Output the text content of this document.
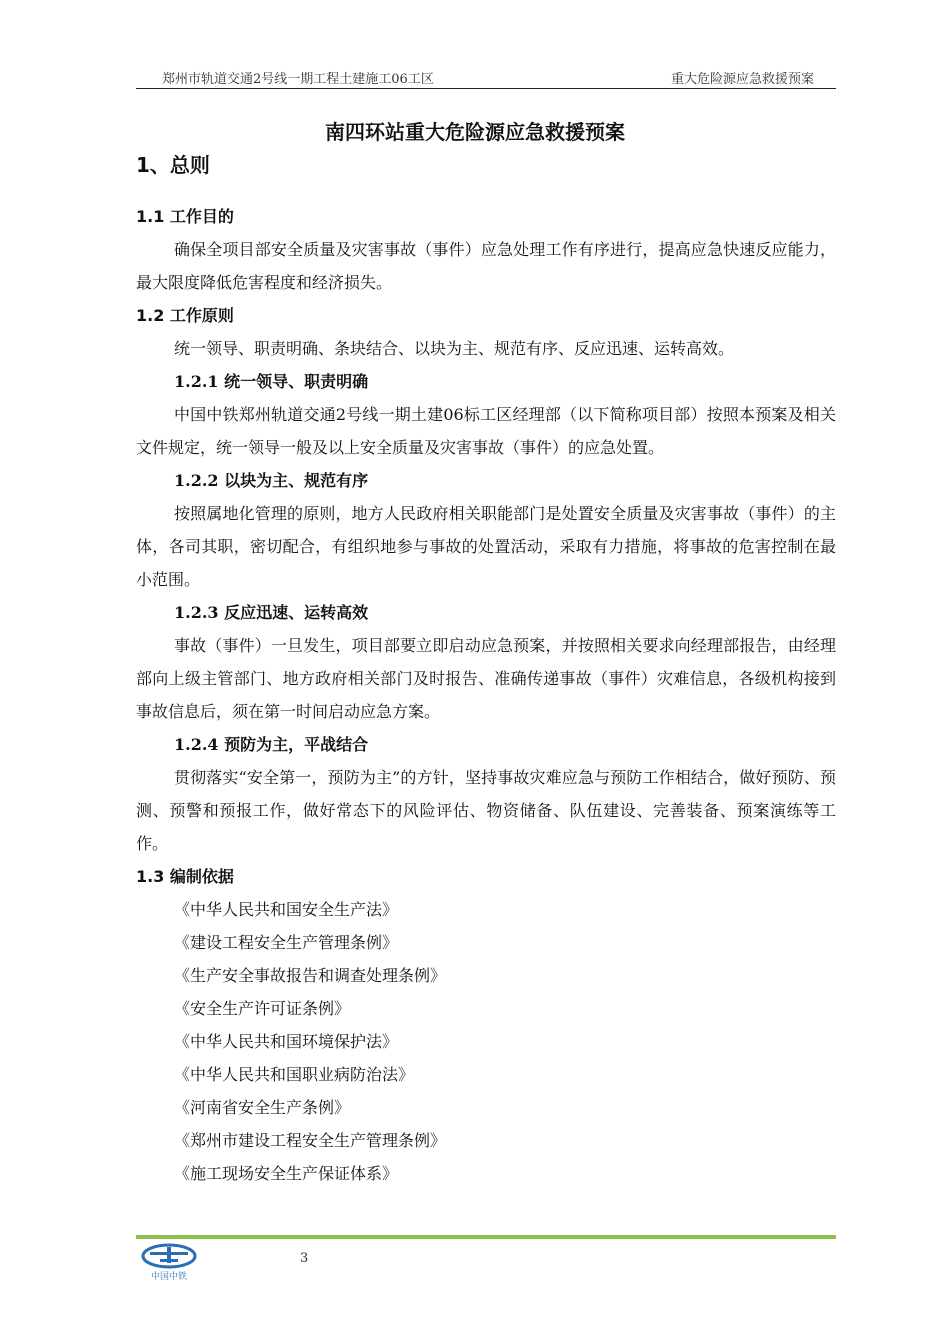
郑州市轨道交通2号线一期工程土建施工06工区	重大危险源应急救援预案
南四环站重大危险源应急救援预案

1、总则

1.1 工作目的

确保全项目部安全质量及灾害事故（事件）应急处理工作有序进行，提高应急快速反应能力，最大限度降低危害程度和经济损失。

1.2 工作原则

统一领导、职责明确、条块结合、以块为主、规范有序、反应迅速、运转高效。

1.2.1 统一领导、职责明确

中国中铁郑州轨道交通2号线一期土建06标工区经理部（以下简称项目部）按照本预案及相关文件规定，统一领导一般及以上安全质量及灾害事故（事件）的应急处置。

1.2.2 以块为主、规范有序

按照属地化管理的原则，地方人民政府相关职能部门是处置安全质量及灾害事故（事件）的主体，各司其职，密切配合，有组织地参与事故的处置活动，采取有力措施，将事故的危害控制在最小范围。

1.2.3 反应迅速、运转高效

事故（事件）一旦发生，项目部要立即启动应急预案，并按照相关要求向经理部报告，由经理部向上级主管部门、地方政府相关部门及时报告、准确传递事故（事件）灾难信息，各级机构接到事故信息后，须在第一时间启动应急方案。

1.2.4 预防为主，平战结合

贯彻落实“安全第一，预防为主”的方针，坚持事故灾难应急与预防工作相结合，做好预防、预测、预警和预报工作，做好常态下的风险评估、物资储备、队伍建设、完善装备、预案演练等工作。

1.3 编制依据

《中华人民共和国安全生产法》
《建设工程安全生产管理条例》
《生产安全事故报告和调查处理条例》
《安全生产许可证条例》
《中华人民共和国环境保护法》
《中华人民共和国职业病防治法》
《河南省安全生产条例》
《郑州市建设工程安全生产管理条例》
《施工现场安全生产保证体系》
中国中铁
3
